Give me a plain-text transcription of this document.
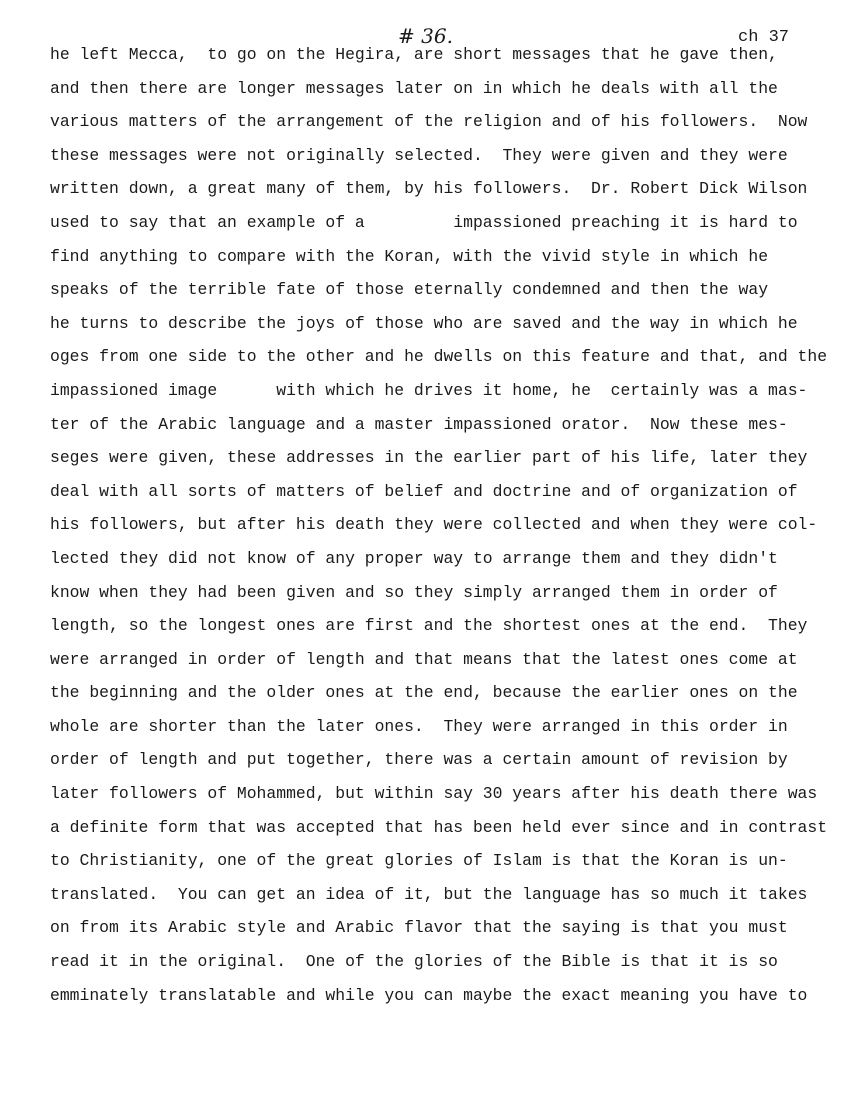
# 36.	ch 37
he left Mecca,  to go on the Hegira, are short messages that he gave then,
and then there are longer messages later on in which he deals with all the
various matters of the arrangement of the religion and of his followers.  Now
these messages were not originally selected.  They were given and they were
written down, a great many of them, by his followers.  Dr. Robert Dick Wilson
used to say that an example of a         impassioned preaching it is hard to
find anything to compare with the Koran, with the vivid style in which he
speaks of the terrible fate of those eternally condemned and then the way
he turns to describe the joys of those who are saved and the way in which he
oges from one side to the other and he dwells on this feature and that, and the
impassioned image      with which he drives it home, he  certainly was a mas-
ter of the Arabic language and a master impassioned orator.  Now these mes-
seges were given, these addresses in the earlier part of his life, later they
deal with all sorts of matters of belief and doctrine and of organization of
his followers, but after his death they were collected and when they were col-
lected they did not know of any proper way to arrange them and they didn't
know when they had been given and so they simply arranged them in order of
length, so the longest ones are first and the shortest ones at the end.  They
were arranged in order of length and that means that the latest ones come at
the beginning and the older ones at the end, because the earlier ones on the
whole are shorter than the later ones.  They were arranged in this order in
order of length and put together, there was a certain amount of revision by
later followers of Mohammed, but within say 30 years after his death there was
a definite form that was accepted that has been held ever since and in contrast
to Christianity, one of the great glories of Islam is that the Koran is un-
translated.  You can get an idea of it, but the language has so much it takes
on from its Arabic style and Arabic flavor that the saying is that you must
read it in the original.  One of the glories of the Bible is that it is so
emminately translatable and while you can maybe the exact meaning you have to
